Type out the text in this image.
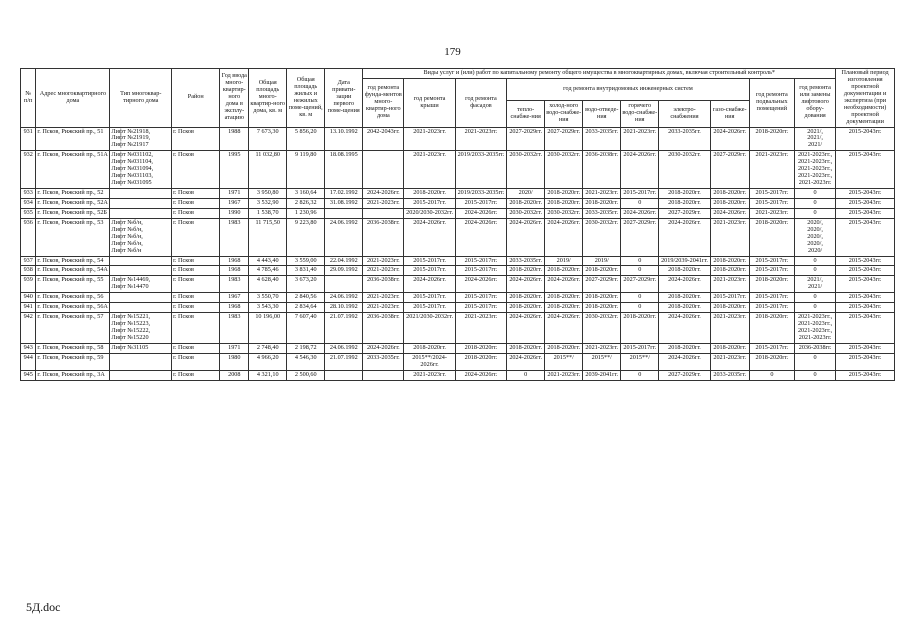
179
№ п/п	Адрес многоквартирного дома	Тип многоквар-тирного дома	Район	Год ввода много-квартир-ного дома в эксплу-атацию	Общая площадь много-квартир-ного дома, кв. м	Общая площадь жилых и нежилых поме-щений, кв. м	Дата привати-зации первого поме-щения	Виды услуг и (или) работ по капитальному ремонту общего имущества в многоквартирных домах, включая строительный контроль*											Плановый период изготовления проектной документации и экспертиза (при необходимости) проектной документации
								год ремонта фунда-ментов много-квартир-ного дома	год ремонта крыши	год ремонта фасадов	год ремонта внутридомовых инженерных систем						год ремонта подвальных помещений	год ремонта или замены лифтового обору-дования	
											тепло-снабже-ния	холод-ного водо-снабже-ния	водо-отведе-ния	горячего водо-снабже-ния	электро-снабжения	газо-снабже-ния			
931	г. Псков, Рижский пр., 51	Лифт №21918,
Лифт №21919,
Лифт №21917	г. Псков	1988	7 673,30	5 856,20	13.10.1992	2042-2043гг.	2021-2023гг.	2021-2023гг.	2027-2029гг.	2027-2029гг.	2033-2035гг.	2021-2023гг.	2033-2035гг.	2024-2026гг.	2018-2020гг.	2021/,
2021/,
2021/	2015-2043гг.
932	г. Псков, Рижский пр., 51А	Лифт №031102,
Лифт №031104,
Лифт №031094,
Лифт №031103,
Лифт №031095	г. Псков	1995	11 032,80	9 119,80	18.08.1995		2021-2023гг.	2019/2033-2035гг.	2030-2032гг.	2030-2032гг.	2036-2038гг.	2024-2026гг.	2030-2032гг.	2027-2029гг.	2021-2023гг.	2021-2023гг.,
2021-2023гг.,
2021-2023гг.,
2021-2023гг.,
2021-2023гг.	2015-2043гг.
933	г. Псков, Рижский пр., 52		г. Псков	1971	3 950,80	3 160,64	17.02.1992	2024-2026гг.	2018-2020гг.	2019/2033-2035гг.	2020/	2018-2020гг.	2021-2023гг.	2015-2017гг.	2018-2020гг.	2018-2020гг.	2015-2017гг.	0	2015-2043гг.
934	г. Псков, Рижский пр., 52А		г. Псков	1967	3 532,90	2 826,32	31.08.1992	2021-2023гг.	2015-2017гг.	2015-2017гг.	2018-2020гг.	2018-2020гг.	2018-2020гг.	0	2018-2020гг.	2018-2020гг.	2015-2017гг.	0	2015-2043гг.
935	г. Псков, Рижский пр., 52Б		г. Псков	1990	1 538,70	1 230,96			2020/2030-2032гг.	2024-2026гг.	2030-2032гг.	2030-2032гг.	2033-2035гг.	2024-2026гг.	2027-2029гг.	2024-2026гг.	2021-2023гг.	0	2015-2043гг.
936	г. Псков, Рижский пр., 53	Лифт №б/н,
Лифт №б/н,
Лифт №б/н,
Лифт №б/н,
Лифт №б/н	г. Псков	1983	11 715,50	9 223,80	24.06.1992	2036-2038гг.	2024-2026гг.	2024-2026гг.	2024-2026гг.	2024-2026гг.	2030-2032гг.	2027-2029гг.	2024-2026гг.	2021-2023гг.	2018-2020гг.	2020/,
2020/,
2020/,
2020/,
2020/	2015-2043гг.
937	г. Псков, Рижский пр., 54		г. Псков	1968	4 443,40	3 559,00	22.04.1992	2021-2023гг.	2015-2017гг.	2015-2017гг.	2033-2035гг.	2019/	2019/	0	2019/2039-2041гг.	2018-2020гг.	2015-2017гг.	0	2015-2043гг.
938	г. Псков, Рижский пр., 54А		г. Псков	1968	4 785,46	3 831,40	29.09.1992	2021-2023гг.	2015-2017гг.	2015-2017гг.	2018-2020гг.	2018-2020гг.	2018-2020гг.	0	2018-2020гг.	2018-2020гг.	2015-2017гг.	0	2015-2043гг.
939	г. Псков, Рижский пр., 55	Лифт №14469,
Лифт №14470	г. Псков	1983	4 628,40	3 673,20		2036-2038гг.	2024-2026гг.	2024-2026гг.	2024-2026гг.	2024-2026гг.	2027-2029гг.	2027-2029гг.	2024-2026гг.	2021-2023гг.	2018-2020гг.	2021/,
2021/	2015-2043гг.
940	г. Псков, Рижский пр., 56		г. Псков	1967	3 550,70	2 840,56	24.06.1992	2021-2023гг.	2015-2017гг.	2015-2017гг.	2018-2020гг.	2018-2020гг.	2018-2020гг.	0	2018-2020гг.	2015-2017гг.	2015-2017гг.	0	2015-2043гг.
941	г. Псков, Рижский пр., 56А		г. Псков	1968	3 543,30	2 834,64	28.10.1992	2021-2023гг.	2015-2017гг.	2015-2017гг.	2018-2020гг.	2018-2020гг.	2018-2020гг.	0	2018-2020гг.	2018-2020гг.	2015-2017гг.	0	2015-2043гг.
942	г. Псков, Рижский пр., 57	Лифт №15221,
Лифт №15223,
Лифт №15222,
Лифт №15220	г. Псков	1983	10 196,00	7 607,40	21.07.1992	2036-2038гг.	2021/2030-2032гг.	2021-2023гг.	2024-2026гг.	2024-2026гг.	2030-2032гг.	2018-2020гг.	2024-2026гг.	2021-2023гг.	2018-2020гг.	2021-2023гг.,
2021-2023гг.,
2021-2023гг.,
2021-2023гг.	2015-2043гг.
943	г. Псков, Рижский пр., 58	Лифт №31105	г. Псков	1971	2 748,40	2 198,72	24.06.1992	2024-2026гг.	2018-2020гг.	2018-2020гг.	2018-2020гг.	2018-2020гг.	2021-2023гг.	2015-2017гг.	2018-2020гг.	2018-2020гг.	2015-2017гг.	2036-2038гг.	2015-2043гг.
944	г. Псков, Рижский пр., 59		г. Псков	1980	4 966,20	4 546,30	21.07.1992	2033-2035гг.	2015**/2024-2026гг.	2018-2020гг.	2024-2026гг.	2015**/	2015**/	2015**/	2024-2026гг.	2021-2023гг.	2018-2020гг.	0	2015-2043гг.
945	г. Псков, Рижский пр., 3А		г. Псков	2008	4 321,10	2 500,60			2021-2023гг.	2024-2026гг.	0	2021-2023гг.	2039-2041гг.	0	2027-2029гг.	2033-2035гг.	0	0	2015-2043гг.
5Д.doc
